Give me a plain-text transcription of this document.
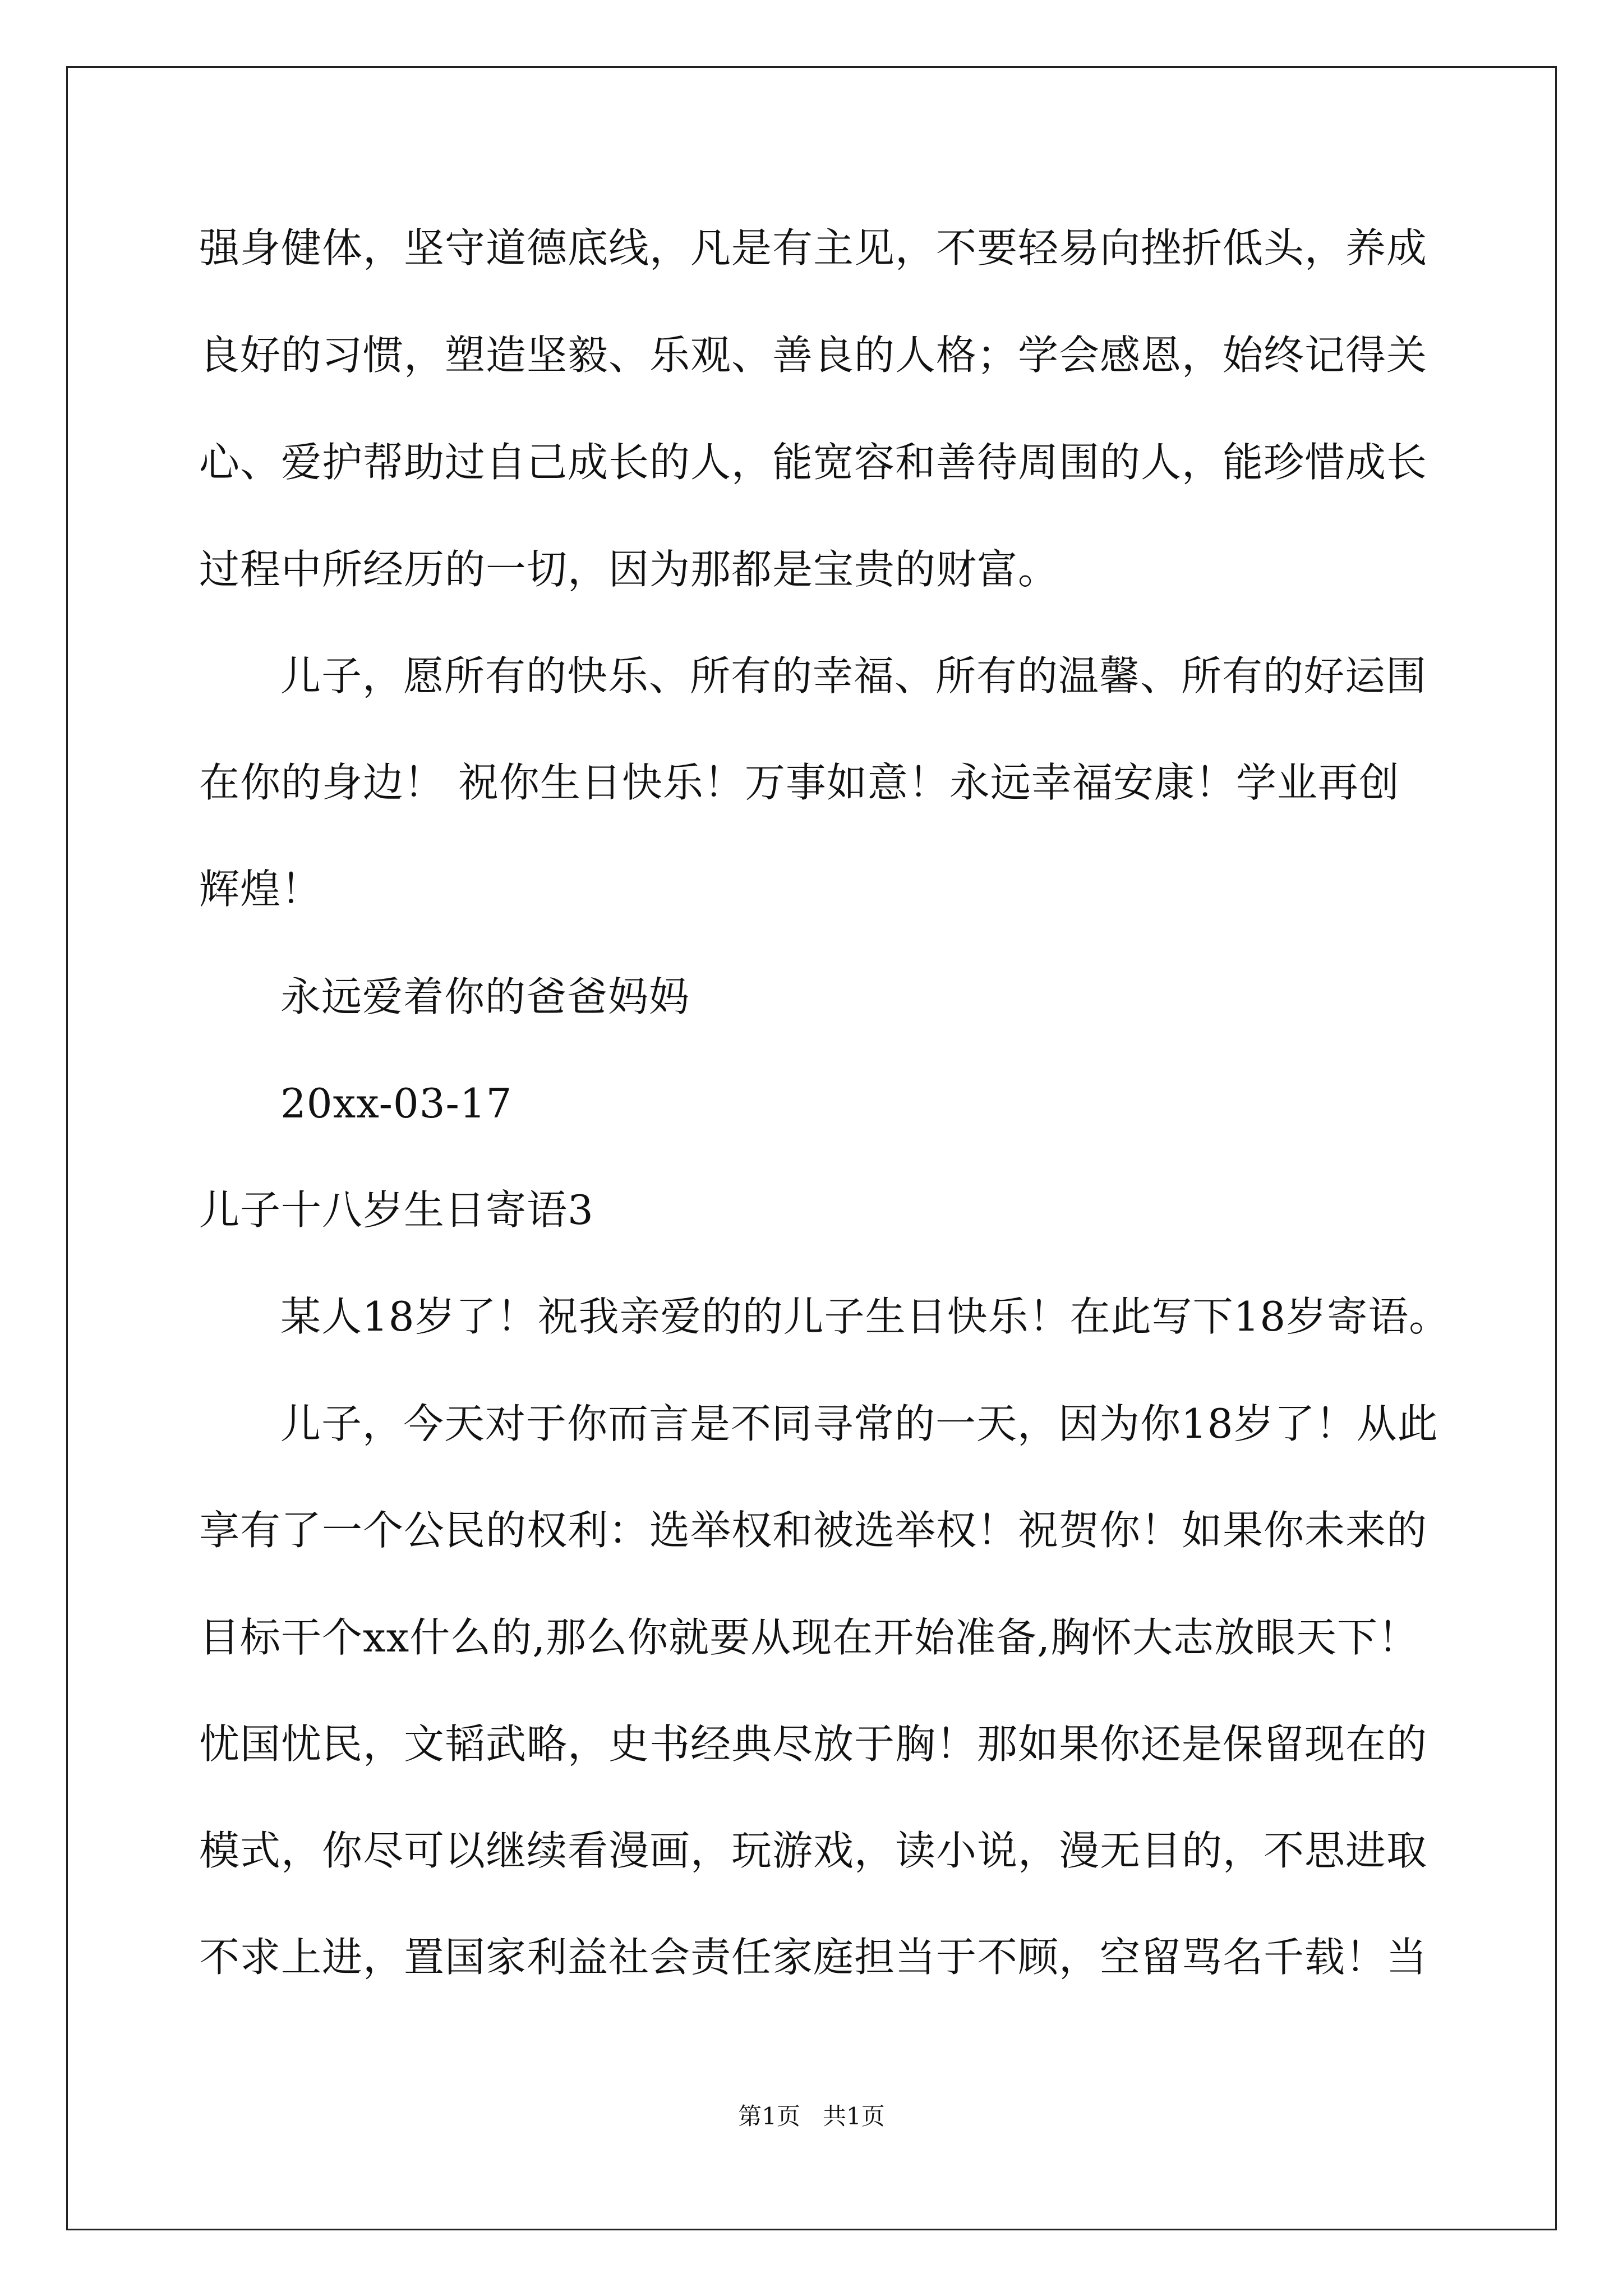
强身健体，坚守道德底线，凡是有主见，不要轻易向挫折低头，养成
良好的习惯，塑造坚毅、乐观、善良的人格；学会感恩，始终记得关
心、爱护帮助过自己成长的人，能宽容和善待周围的人，能珍惜成长
过程中所经历的一切，因为那都是宝贵的财富。
儿子，愿所有的快乐、所有的幸福、所有的温馨、所有的好运围
在你的身边！ 祝你生日快乐！万事如意！永远幸福安康！学业再创
辉煌！
永远爱着你的爸爸妈妈
20xx-03-17
儿子十八岁生日寄语3
某人18岁了！祝我亲爱的的儿子生日快乐！在此写下18岁寄语。
儿子，今天对于你而言是不同寻常的一天，因为你18岁了！从此
享有了一个公民的权利：选举权和被选举权！祝贺你！如果你未来的
目标干个xx什么的,那么你就要从现在开始准备,胸怀大志放眼天下！
忧国忧民，文韬武略，史书经典尽放于胸！那如果你还是保留现在的
模式，你尽可以继续看漫画，玩游戏，读小说，漫无目的，不思进取
不求上进，置国家利益社会责任家庭担当于不顾，空留骂名千载！当
第1页   共1页
